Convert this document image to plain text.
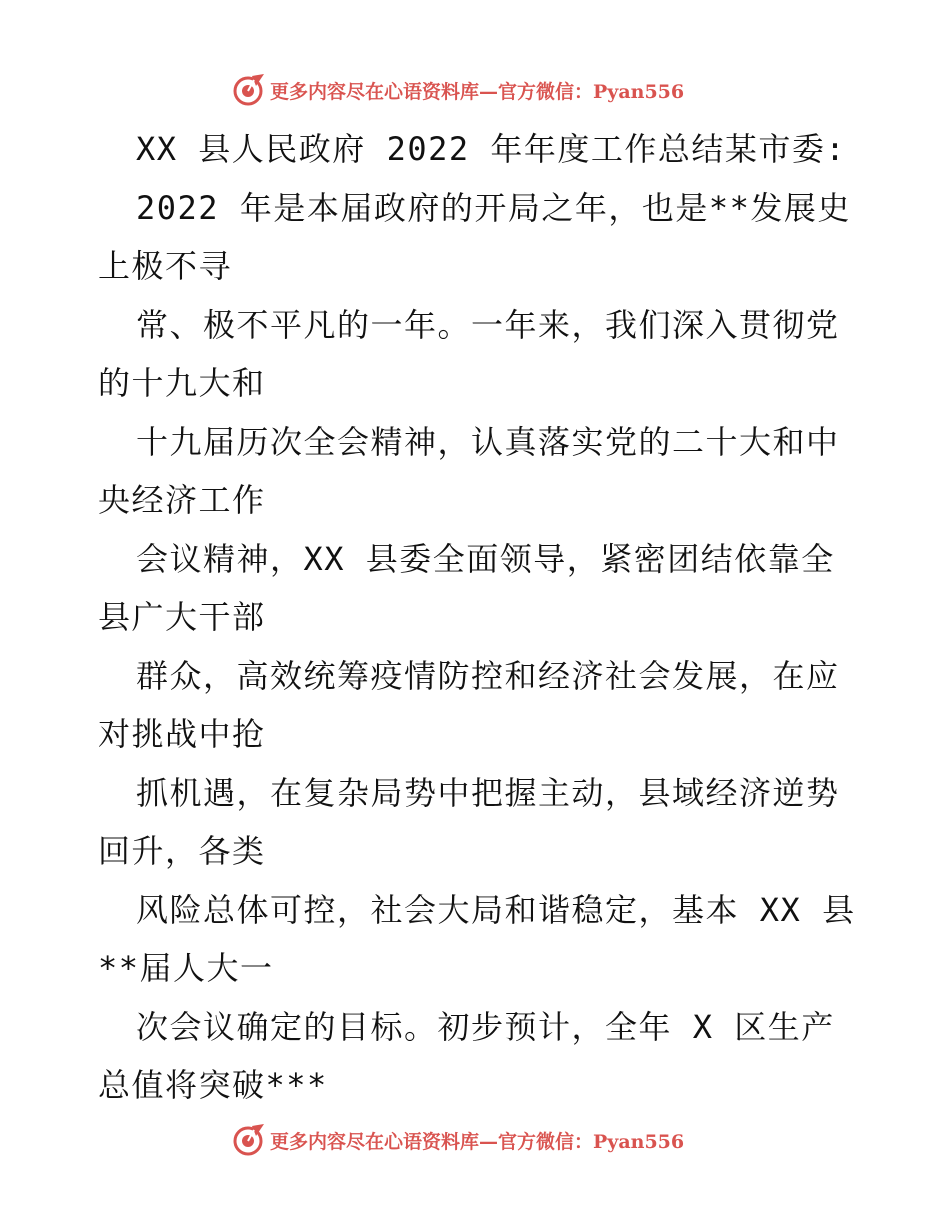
更多内容尽在心语资料库—官方微信：Pyan556
XX 县人民政府 2022 年年度工作总结某市委:
2022 年是本届政府的开局之年，也是**发展史
上极不寻
常、极不平凡的一年。一年来，我们深入贯彻党
的十九大和
十九届历次全会精神，认真落实党的二十大和中
央经济工作
会议精神，XX 县委全面领导，紧密团结依靠全
县广大干部
群众，高效统筹疫情防控和经济社会发展，在应
对挑战中抢
抓机遇，在复杂局势中把握主动，县域经济逆势
回升，各类
风险总体可控，社会大局和谐稳定，基本 XX 县
**届人大一
次会议确定的目标。初步预计，全年 X 区生产
总值将突破***
更多内容尽在心语资料库—官方微信：Pyan556
